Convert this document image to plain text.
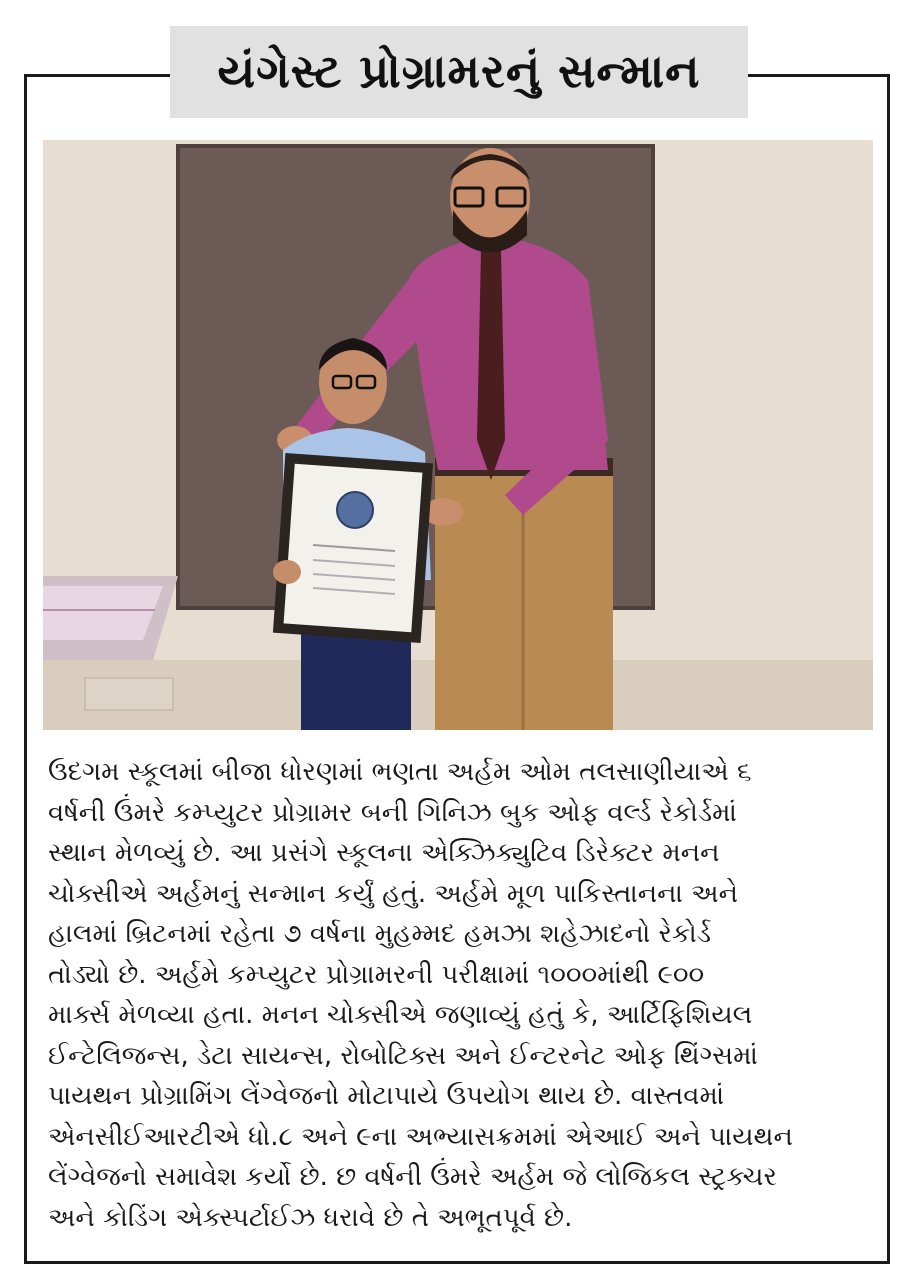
યંગેસ્ટ પ્રોગ્રામરનું સન્માન
ઉદગમ સ્કૂલમાં બીજા ધોરણમાં ભણતા અર્હમ ઓમ તલસાણીયાએ ૬
વર્ષની ઉંમરે કમ્પ્યુટર પ્રોગ્રામર બની ગિનિઝ બુક ઓફ વર્લ્ડ રેકોર્ડમાં
સ્થાન મેળવ્યું છે. આ પ્રસંગે સ્કૂલના એક્ઝિક્યુટિવ ડિરેક્ટર મનન
ચોક્સીએ અર્હમનું સન્માન કર્યું હતું. અર્હમે મૂળ પાકિસ્તાનના અને
હાલમાં બ્રિટનમાં રહેતા ૭ વર્ષના મુહમ્મદ હમઝા શહેઝાદનો રેકોર્ડ
તોડ્યો છે. અર્હમે કમ્પ્યુટર પ્રોગ્રામરની પરીક્ષામાં ૧૦૦૦માંથી ૯૦૦
માર્ક્સ મેળવ્યા હતા. મનન ચોક્સીએ જણાવ્યું હતું કે, આર્ટિફિશિયલ
ઈન્ટેલિજન્સ, ડેટા સાયન્સ, રોબોટિક્સ અને ઈન્ટરનેટ ઓફ થિંગ્સમાં
પાયથન પ્રોગ્રામિંગ લેંગ્વેજનો મોટાપાયે ઉપયોગ થાય છે. વાસ્તવમાં
એનસીઈઆરટીએ ધો.૮ અને ૯ના અભ્યાસક્રમમાં એઆઈ અને પાયથન
લેંગ્વેજનો સમાવેશ કર્યો છે. છ વર્ષની ઉંમરે અર્હમ જે લોજિકલ સ્ટ્રક્ચર
અને કોડિંગ એક્સ્પર્ટાઈઝ ધરાવે છે તે અભૂતપૂર્વ છે.
